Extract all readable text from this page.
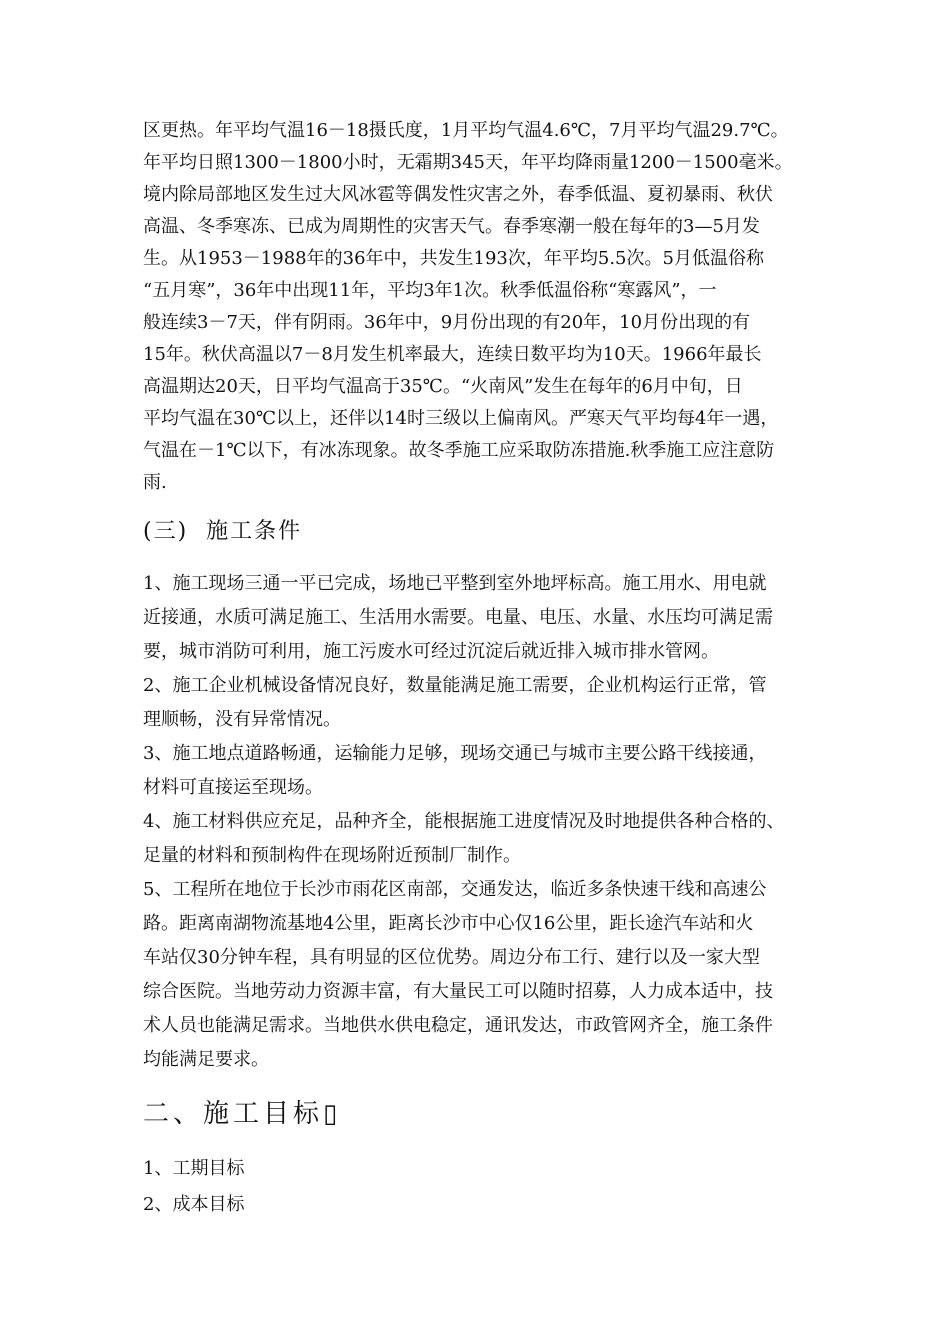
区更热。年平均气温16－18摄氏度，1月平均气温4.6℃，7月平均气温29.7℃。
年平均日照1300－1800小时，无霜期345天，年平均降雨量1200－1500毫米。
境内除局部地区发生过大风冰雹等偶发性灾害之外，春季低温、夏初暴雨、秋伏
高温、冬季寒冻、已成为周期性的灾害天气。春季寒潮一般在每年的3—5月发
生。从1953－1988年的36年中，共发生193次，年平均5.5次。5月低温俗称
“五月寒”，36年中出现11年，平均3年1次。秋季低温俗称“寒露风”，一
般连续3－7天，伴有阴雨。36年中，9月份出现的有20年，10月份出现的有
15年。秋伏高温以7－8月发生机率最大，连续日数平均为10天。1966年最长
高温期达20天，日平均气温高于35℃。“火南风”发生在每年的6月中旬，日
平均气温在30℃以上，还伴以14时三级以上偏南风。严寒天气平均每4年一遇，
气温在－1℃以下，有冰冻现象。故冬季施工应采取防冻措施.秋季施工应注意防
雨.
(三)  施工条件
1、施工现场三通一平已完成，场地已平整到室外地坪标高。施工用水、用电就
近接通，水质可满足施工、生活用水需要。电量、电压、水量、水压均可满足需
要，城市消防可利用，施工污废水可经过沉淀后就近排入城市排水管网。
2、施工企业机械设备情况良好，数量能满足施工需要，企业机构运行正常，管
理顺畅，没有异常情况。
3、施工地点道路畅通，运输能力足够，现场交通已与城市主要公路干线接通，
材料可直接运至现场。
4、施工材料供应充足，品种齐全，能根据施工进度情况及时地提供各种合格的、
足量的材料和预制构件在现场附近预制厂制作。
5、工程所在地位于长沙市雨花区南部，交通发达，临近多条快速干线和高速公
路。距离南湖物流基地4公里，距离长沙市中心仅16公里，距长途汽车站和火
车站仅30分钟车程，具有明显的区位优势。周边分布工行、建行以及一家大型
综合医院。当地劳动力资源丰富，有大量民工可以随时招募，人力成本适中，技
术人员也能满足需求。当地供水供电稳定，通讯发达，市政管网齐全，施工条件
均能满足要求。
二、施工目标▯
1、工期目标
2、成本目标
